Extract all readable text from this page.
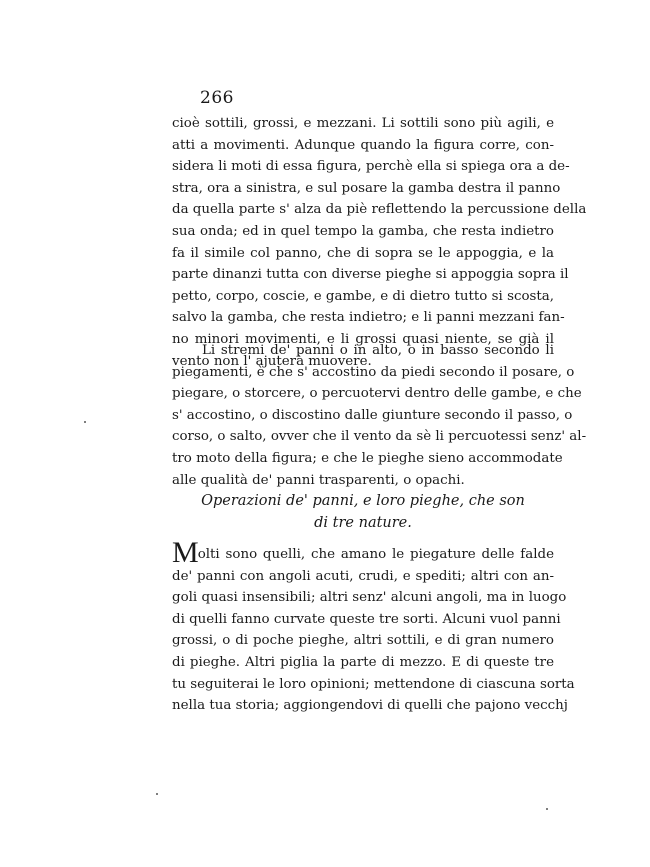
266
cioè sottili, grossi, e mezzani. Li sottili sono più agili, e
atti a movimenti. Adunque quando la figura corre, con-
sidera li moti di essa figura, perchè ella si spiega ora a de-
stra, ora a sinistra, e sul posare la gamba destra il panno
da quella parte s' alza da piè reflettendo la percussione della
sua onda; ed in quel tempo la gamba, che resta indietro
fa il simile col panno, che di sopra se le appoggia, e la
parte dinanzi tutta con diverse pieghe si appoggia sopra il
petto, corpo, coscie, e gambe, e di dietro tutto si scosta,
salvo la gamba, che resta indietro; e li panni mezzani fan-
no minori movimenti, e li grossi quasi niente, se già il
vento non l' ajuterà muovere.
Li stremi de' panni o in alto, o in basso secondo li
piegamenti, è che s' accostino da piedi secondo il posare, o
piegare, o storcere, o percuotervi dentro delle gambe, e che
s' accostino, o discostino dalle giunture secondo il passo, o
corso, o salto, ovver che il vento da sè li percuotessi senz' al-
tro moto della figura; e che le pieghe sieno accommodate
alle qualità de' panni trasparenti, o opachi.
Operazioni de' panni, e loro pieghe, che son
di tre nature.
Molti sono quelli, che amano le piegature delle falde
de' panni con angoli acuti, crudi, e spediti; altri con an-
goli quasi insensibili; altri senz' alcuni angoli, ma in luogo
di quelli fanno curvate queste tre sorti. Alcuni vuol panni
grossi, o di poche pieghe, altri sottili, e di gran numero
di pieghe. Altri piglia la parte di mezzo. E di queste tre
tu seguiterai le loro opinioni; mettendone di ciascuna sorta
nella tua storia; aggiongendovi di quelli che pajono vecchj
